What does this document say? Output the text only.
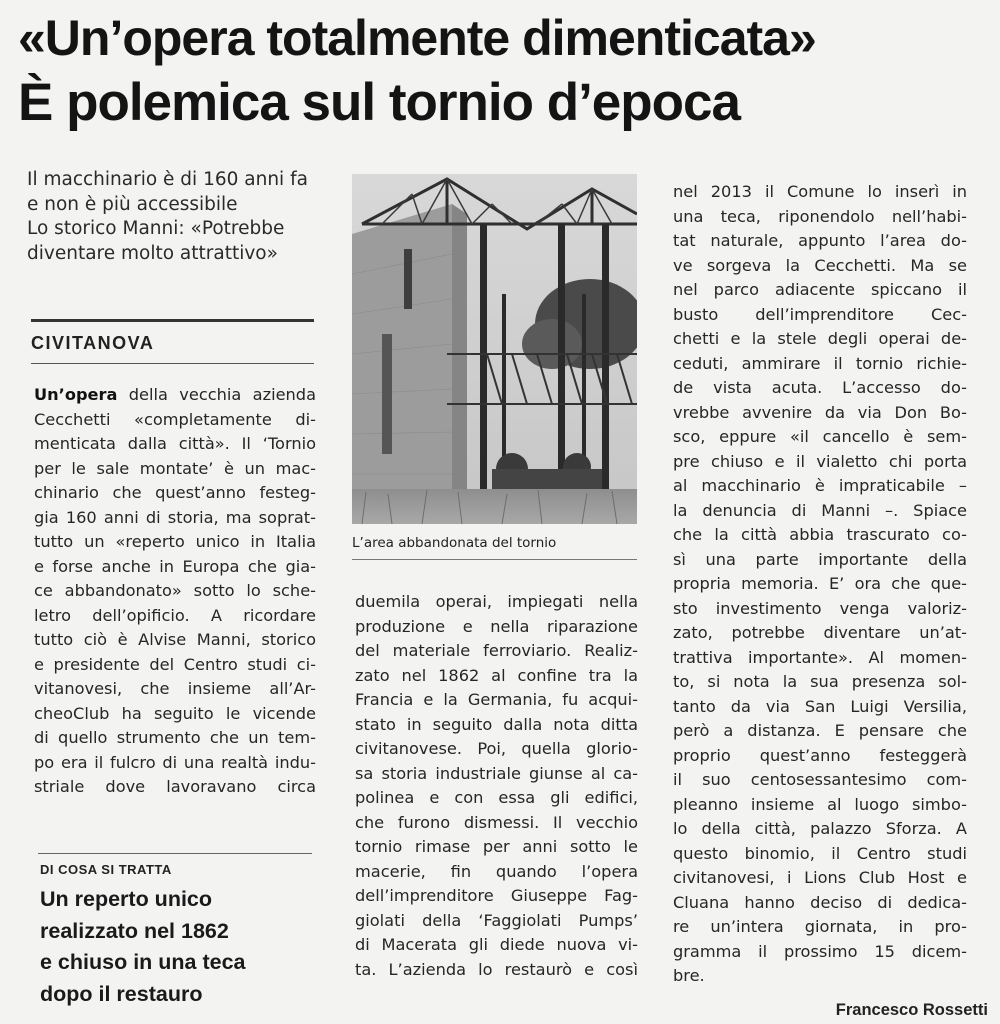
«Un’opera totalmente dimenticata»
È polemica sul tornio d’epoca
Il macchinario è di 160 anni fa
e non è più accessibile
Lo storico Manni: «Potrebbe
diventare molto attrattivo»
CIVITANOVA
Un’opera della vecchia azienda
Cecchetti «completamente di-
menticata dalla città». Il ‘Tornio
per le sale montate’ è un mac-
chinario che quest’anno festeg-
gia 160 anni di storia, ma soprat-
tutto un «reperto unico in Italia
e forse anche in Europa che gia-
ce abbandonato» sotto lo sche-
letro dell’opificio. A ricordare
tutto ciò è Alvise Manni, storico
e presidente del Centro studi ci-
vitanovesi, che insieme all’Ar-
cheoClub ha seguito le vicende
di quello strumento che un tem-
po era il fulcro di una realtà indu-
striale dove lavoravano circa
DI COSA SI TRATTA
Un reperto unico
realizzato nel 1862
e chiuso in una teca
dopo il restauro
L’area abbandonata del tornio
duemila operai, impiegati nella
produzione e nella riparazione
del materiale ferroviario. Realiz-
zato nel 1862 al confine tra la
Francia e la Germania, fu acqui-
stato in seguito dalla nota ditta
civitanovese. Poi, quella glorio-
sa storia industriale giunse al ca-
polinea e con essa gli edifici,
che furono dismessi. Il vecchio
tornio rimase per anni sotto le
macerie, fin quando l’opera
dell’imprenditore Giuseppe Fag-
giolati della ‘Faggiolati Pumps’
di Macerata gli diede nuova vi-
ta. L’azienda lo restaurò e così
nel 2013 il Comune lo inserì in
una teca, riponendolo nell’habi-
tat naturale, appunto l’area do-
ve sorgeva la Cecchetti. Ma se
nel parco adiacente spiccano il
busto dell’imprenditore Cec-
chetti e la stele degli operai de-
ceduti, ammirare il tornio richie-
de vista acuta. L’accesso do-
vrebbe avvenire da via Don Bo-
sco, eppure «il cancello è sem-
pre chiuso e il vialetto chi porta
al macchinario è impraticabile –
la denuncia di Manni –. Spiace
che la città abbia trascurato co-
sì una parte importante della
propria memoria. E’ ora che que-
sto investimento venga valoriz-
zato, potrebbe diventare un’at-
trattiva importante». Al momen-
to, si nota la sua presenza sol-
tanto da via San Luigi Versilia,
però a distanza. E pensare che
proprio quest’anno festeggerà
il suo centosessantesimo com-
pleanno insieme al luogo simbo-
lo della città, palazzo Sforza. A
questo binomio, il Centro studi
civitanovesi, i Lions Club Host e
Cluana hanno deciso di dedica-
re un’intera giornata, in pro-
gramma il prossimo 15 dicem-
bre.
Francesco Rossetti
